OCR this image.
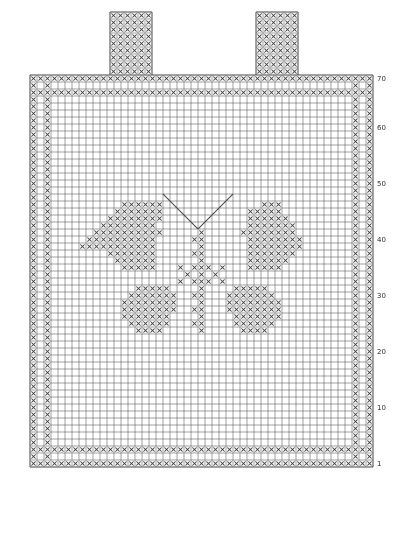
1
10
20
30
40
50
60
70
